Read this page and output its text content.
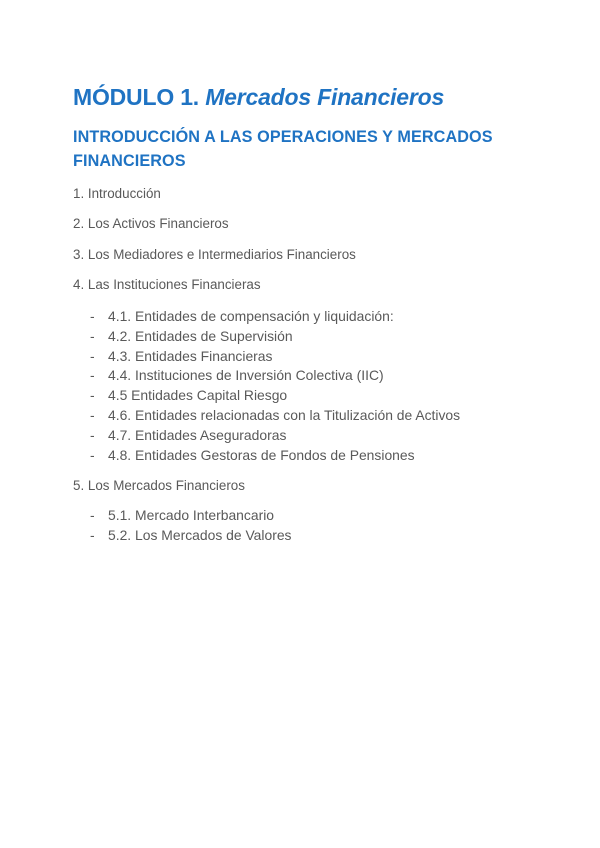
MÓDULO 1. Mercados Financieros
INTRODUCCIÓN A LAS OPERACIONES Y MERCADOS FINANCIEROS
1. Introducción
2. Los Activos Financieros
3. Los Mediadores e Intermediarios Financieros
4. Las Instituciones Financieras
- 4.1. Entidades de compensación y liquidación:
- 4.2. Entidades de Supervisión
- 4.3. Entidades Financieras
- 4.4. Instituciones de Inversión Colectiva (IIC)
- 4.5 Entidades Capital Riesgo
- 4.6. Entidades relacionadas con la Titulización de Activos
- 4.7. Entidades Aseguradoras
- 4.8. Entidades Gestoras de Fondos de Pensiones
5. Los Mercados Financieros
- 5.1. Mercado Interbancario
- 5.2. Los Mercados de Valores
